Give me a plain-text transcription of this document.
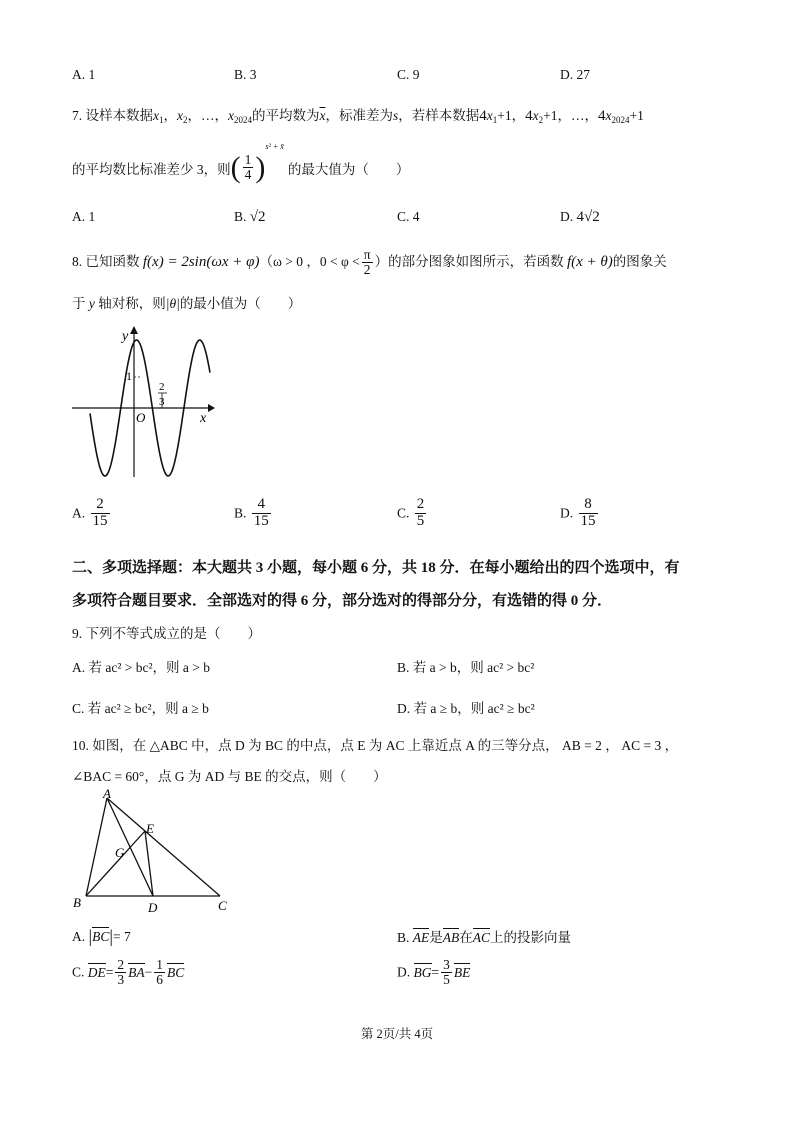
A. 1	B. 3	C. 9	D. 27
7. 设样本数据$x_1$，$x_2$，…，$x_{2024}$的平均数为$\overline{x}$，标准差为s，若样本数据$4x_1+1$，$4x_2+1$，…，$4x_{2024}+1$
的平均数比标准差少 3，则( $\frac{1}{4} )^{s^2 + x̄}$的最大值为（　　）
A. 1	B. √2	C. 4	D. 4√2
8. 已知函数 f(x) = 2sin(ωx + φ)（ω > 0 ，$0 < \varphi < \frac{\pi}{2}$ ）的部分图象如图所示，若函数 f(x + θ)的图象关
于 y 轴对称，则|θ|的最小值为（　　）
y
x
O
1
2
3
A. $\frac{2}{15}$	B. $\frac{4}{15}$	C. $\frac{2}{5}$	D. $\frac{8}{15}$
二、多项选择题：本大题共 3 小题，每小题 6 分，共 18 分．在每小题给出的四个选项中，有
多项符合题目要求．全部选对的得 6 分，部分选对的得部分分，有选错的得 0 分．
9. 下列不等式成立的是（　　）
A. 若 ac² > bc²，则 a > b	B. 若 a > b，则 ac² > bc²
C. 若 ac² ≥ bc²，则 a ≥ b	D. 若 a ≥ b，则 ac² ≥ bc²
10. 如图，在 △ABC 中，点 D 为 BC 的中点，点 E 为 AC 上靠近点 A 的三等分点， AB = 2 ， AC = 3 ，
∠BAC = 60°，点 G 为 AD 与 BE 的交点，则（　　）
A
B	C
D
E
G
A. |BC|= 7	B. AE是AB在AC上的投影向量
C. $DE= \frac{2}{3} BA- \frac{1}{6}$ BC	D. $BG= \frac{3}{5}$ BE
第 2页/共 4页
